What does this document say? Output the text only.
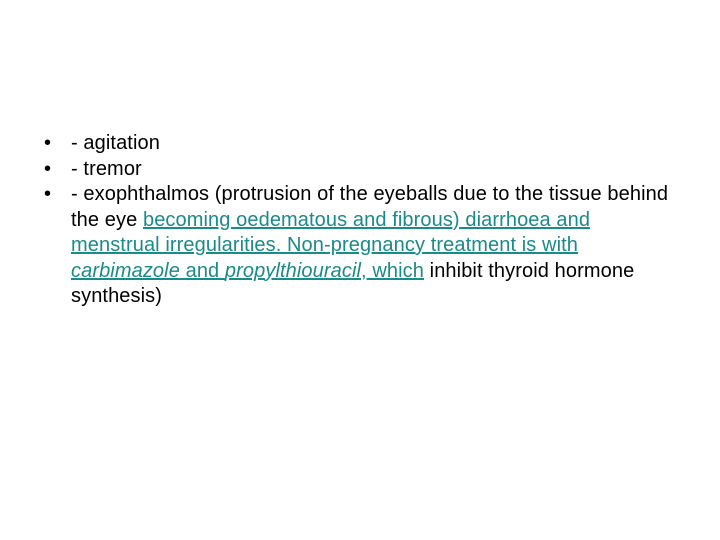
• - agitation
• - tremor
• - exophthalmos (protrusion of the eyeballs due to the tissue behind the eye becoming oedematous and fibrous) diarrhoea and menstrual irregularities. Non-pregnancy treatment is with carbimazole and propylthiouracil, which inhibit thyroid hormone synthesis)
